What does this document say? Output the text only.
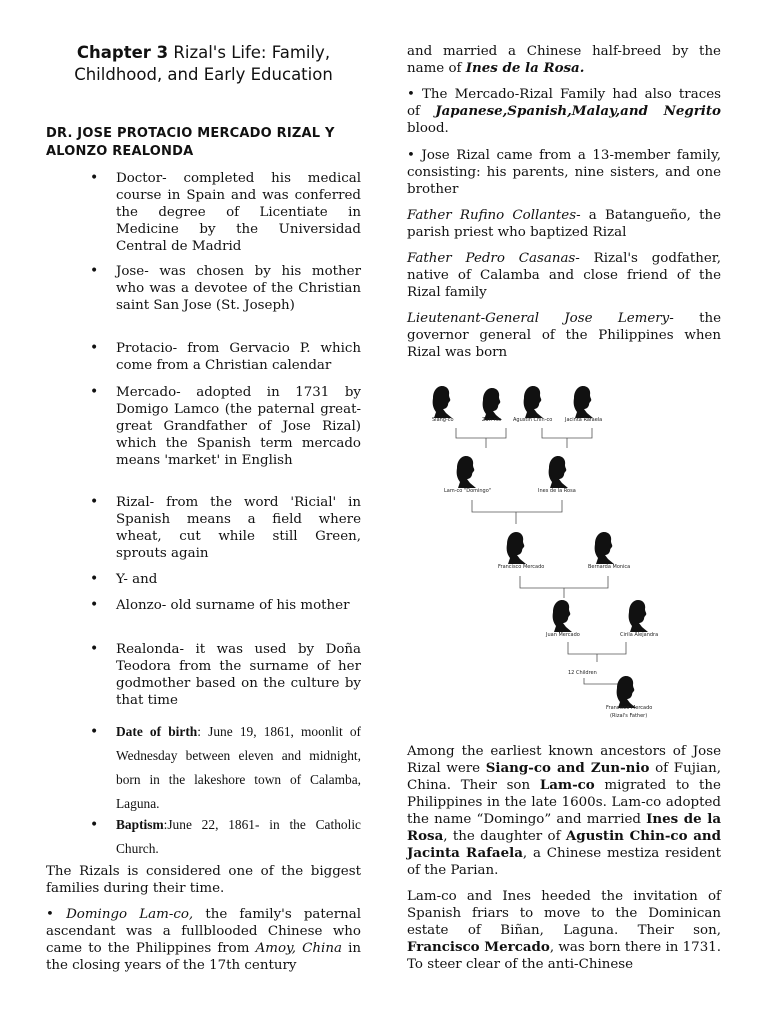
Chapter 3 Rizal's Life: Family,
Childhood, and Early Education
DR. JOSE PROTACIO MERCADO RIZAL Y
ALONZO REALONDA
• Doctor- completed his medical course in Spain and was conferred the degree of Licentiate in Medicine by the Universidad Central de Madrid
• Jose- was chosen by his mother who was a devotee of the Christian saint San Jose (St. Joseph)
• Protacio- from Gervacio P. which come from a Christian calendar
• Mercado- adopted in 1731 by Domigo Lamco (the paternal great-great Grandfather of Jose Rizal) which the Spanish term mercado means 'market' in English
• Rizal- from the word 'Ricial' in Spanish means a field where wheat, cut while still Green, sprouts again
• Y- and
• Alonzo- old surname of his mother
• Realonda- it was used by Doña Teodora from the surname of her godmother based on the culture by that time
• Date of birth: June 19, 1861, moonlit of Wednesday between eleven and midnight, born in the lakeshore town of Calamba, Laguna.
• Baptism:June 22, 1861- in the Catholic Church.
The Rizals is considered one of the biggest families during their time.
• Domingo Lam-co, the family's paternal ascendant was a fullblooded Chinese who came to the Philippines from Amoy, China in the closing years of the 17th century
and married a Chinese half-breed by the name of Ines de la Rosa.
• The Mercado-Rizal Family had also traces of Japanese,Spanish,Malay,and Negrito blood.
• Jose Rizal came from a 13-member family, consisting: his parents, nine sisters, and one brother
Father Rufino Collantes- a Batangueño, the parish priest who baptized Rizal
Father Pedro Casanas- Rizal's godfather, native of Calamba and close friend of the Rizal family
Lieutenant-General Jose Lemery- the governor general of the Philippines when Rizal was born
Siang-co	Zun-nio Agustin Chin-co	Jacinta Rafaela
Lam-co "Domingo"	Ines de la Rosa
Francisco Mercado	Bernarda Monica
Juan Mercado	Cirila Alejandra
12 Children
Francisco Mercado
(Rizal's Father)
Among the earliest known ancestors of Jose Rizal were Siang-co and Zun-nio of Fujian, China. Their son Lam-co migrated to the Philippines in the late 1600s. Lam-co adopted the name “Domingo” and married Ines de la Rosa, the daughter of Agustin Chin-co and Jacinta Rafaela, a Chinese mestiza resident of the Parian.
Lam-co and Ines heeded the invitation of Spanish friars to move to the Dominican estate of Biñan, Laguna. Their son, Francisco Mercado, was born there in 1731. To steer clear of the anti-Chinese
